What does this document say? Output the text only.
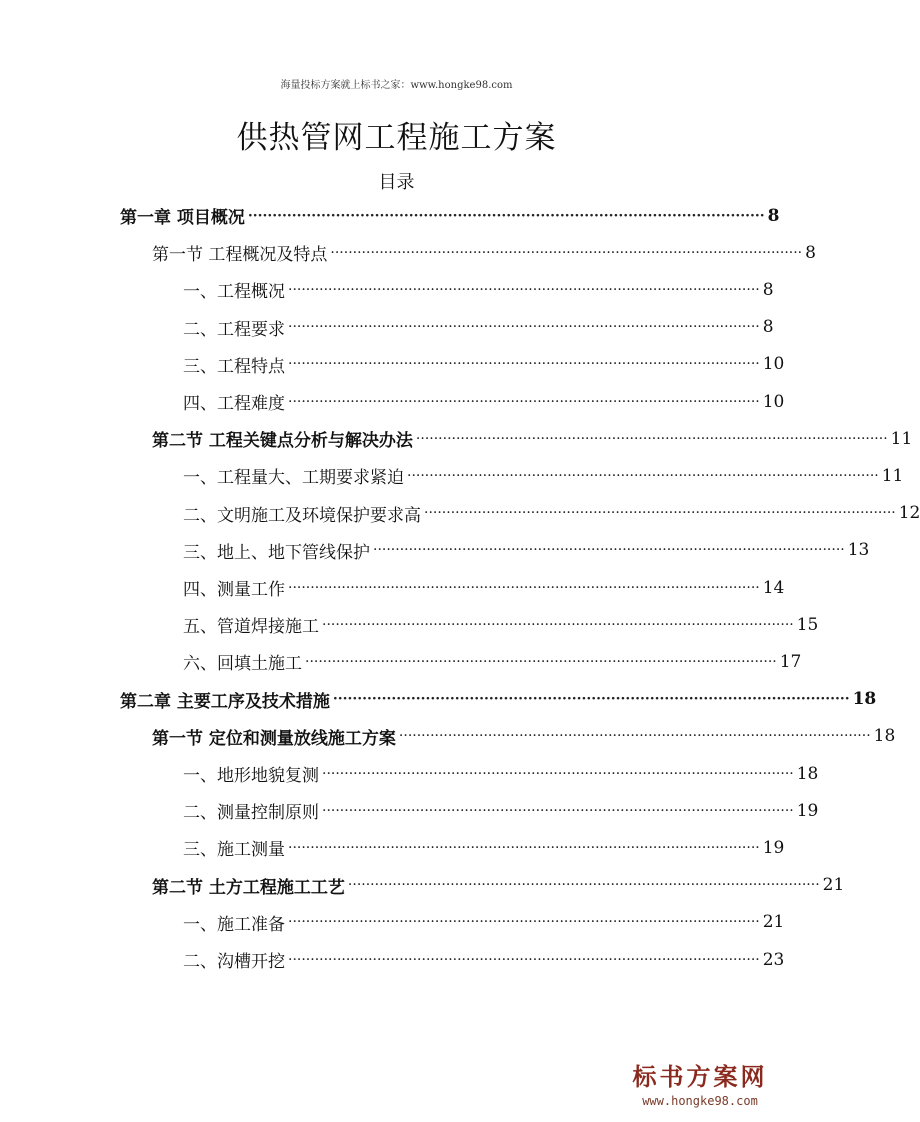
海量投标方案就上标书之家：www.hongke98.com
供热管网工程施工方案
目录
第一章 项目概况 ·········································································································· 8
第一节 工程概况及特点 ·········································································································· 8
一、工程概况 ·········································································································· 8
二、工程要求 ·········································································································· 8
三、工程特点 ·········································································································· 10
四、工程难度 ·········································································································· 10
第二节 工程关键点分析与解决办法 ·········································································································· 11
一、工程量大、工期要求紧迫 ·········································································································· 11
二、文明施工及环境保护要求高 ·········································································································· 12
三、地上、地下管线保护 ·········································································································· 13
四、测量工作 ·········································································································· 14
五、管道焊接施工 ·········································································································· 15
六、回填土施工 ·········································································································· 17
第二章 主要工序及技术措施 ·········································································································· 18
第一节 定位和测量放线施工方案 ·········································································································· 18
一、地形地貌复测 ·········································································································· 18
二、测量控制原则 ·········································································································· 19
三、施工测量 ·········································································································· 19
第二节 土方工程施工工艺 ·········································································································· 21
一、施工准备 ·········································································································· 21
二、沟槽开挖 ·········································································································· 23
标书方案网
www.hongke98.com
